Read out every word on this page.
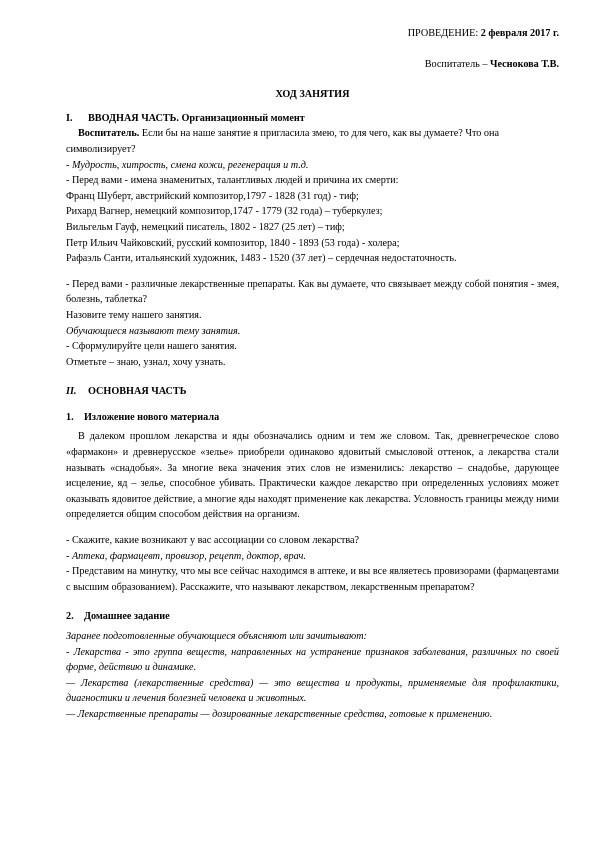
ПРОВЕДЕНИЕ: 2 февраля 2017 г.
Воспитатель – Чеснокова Т.В.
ХОД ЗАНЯТИЯ
I. ВВОДНАЯ ЧАСТЬ. Организационный момент

Воспитатель. Если бы на наше занятие я пригласила змею, то для чего, как вы думаете? Что она символизирует?

- Мудрость, хитрость, смена кожи, регенерация и т.д.

- Перед вами - имена знаменитых, талантливых людей и причина их смерти:

Франц Шуберт, австрийский композитор,1797 - 1828 (31 год) - тиф;

Рихард Вагнер, немецкий композитор,1747 - 1779 (32 года) – туберкулез;

Вильгельм Гауф, немецкий писатель, 1802 - 1827 (25 лет) – тиф;

Петр Ильич Чайковский, русский композитор, 1840 - 1893 (53 года) - холера;

Рафаэль Санти, итальянский художник, 1483 - 1520 (37 лет) – сердечная недостаточность.

- Перед вами - различные лекарственные препараты. Как вы думаете, что связывает между собой понятия - змея, болезнь, таблетка?

Назовите тему нашего занятия.

Обучающиеся называют тему занятия.

- Сформулируйте цели нашего занятия.

Отметьте – знаю, узнал, хочу узнать.

II. ОСНОВНАЯ ЧАСТЬ
1. Изложение нового материала

В далеком прошлом лекарства и яды обозначались одним и тем же словом. Так, древнегреческое слово «фармакон» и древнерусское «зелье» приобрели одинаково ядовитый смысловой оттенок, а лекарства стали называть «снадобья». За многие века значения этих слов не изменились: лекарство – снадобье, дарующее исцеление, яд – зелье, способное убивать. Практически каждое лекарство при определенных условиях может оказывать ядовитое действие, а многие яды находят применение как лекарства. Условность границы между ними определяется общим способом действия на организм.

- Скажите, какие возникают у вас ассоциации со словом лекарства?

- Аптека, фармацевт, провизор, рецепт, доктор, врач.

- Представим на минутку, что мы все сейчас находимся в аптеке, и вы все являетесь провизорами (фармацевтами с высшим образованием). Расскажите, что называют лекарством, лекарственным препаратом?

2. Домашнее задание

Заранее подготовленные обучающиеся объясняют или зачитывают:

- Лекарства - это группа веществ, направленных на устранение признаков заболевания, различных по своей форме, действию и динамике.

— Лекарства (лекарственные средства) — это вещества и продукты, применяемые для профилактики, диагностики и лечения болезней человека и животных.

— Лекарственные препараты — дозированные лекарственные средства, готовые к применению.
